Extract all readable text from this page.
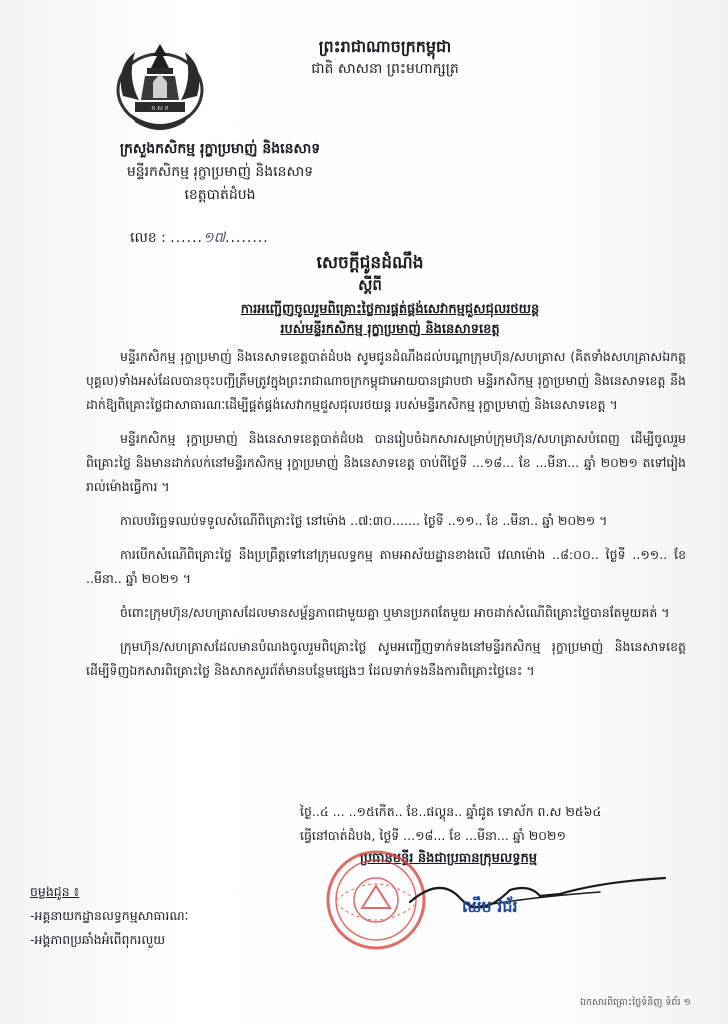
ក ស ក
ព្រះរាជាណាចក្រកម្ពុជា
ជាតិ សាសនា ព្រះមហាក្សត្រ
ក្រសួងកសិកម្ម រុក្ខាប្រមាញ់ និងនេសាទ
មន្ទីរកសិកម្ម រុក្ខាប្រមាញ់ និងនេសាទ
ខេត្តបាត់ដំបង
លេខ : ......១៧........
សេចក្ដីជូនដំណឹង
ស្ដីពី
ការអញ្ជើញចូលរួមពិគ្រោះថ្លៃការផ្គត់ផ្គង់សេវាកម្មជួសជុលរថយន្ត
របស់មន្ទីរកសិកម្ម រុក្ខាប្រមាញ់ និងនេសាទខេត្ត

មន្ទីរកសិកម្ម រុក្ខាប្រមាញ់ និងនេសាទខេត្តបាត់ដំបង សូមជូនដំណឹងដល់បណ្ដាក្រុមហ៊ុន/សហគ្រាស (គិតទាំងសហគ្រាសឯកត្តបុគ្គល)ទាំងអស់ដែលបានចុះបញ្ជីត្រឹមត្រូវក្នុងព្រះរាជាណាចក្រកម្ពុជាអោយបានជ្រាបថា មន្ទីរកសិកម្ម រុក្ខាប្រមាញ់ និងនេសាទខេត្ត នឹងដាក់ឱ្យពិគ្រោះថ្លៃជាសាធារណៈដើម្បីផ្គត់ផ្គង់សេវាកម្មជួសជុលរថយន្ត របស់មន្ទីរកសិកម្ម រុក្ខាប្រមាញ់ និងនេសាទខេត្ត ។

មន្ទីរកសិកម្ម រុក្ខាប្រមាញ់ និងនេសាទខេត្តបាត់ដំបង បានរៀបចំឯកសារសម្រាប់ក្រុមហ៊ុន/សហគ្រាសបំពេញ ដើម្បីចូលរួមពិគ្រោះថ្លៃ និងមានដាក់លក់នៅមន្ទីរកសិកម្ម រុក្ខាប្រមាញ់ និងនេសាទខេត្ត ចាប់ពីថ្ងៃទី ...១៨... ខែ ...មីនា... ឆ្នាំ ២០២១ តទៅរៀងរាល់ម៉ោងធ្វើការ ។

កាលបរិច្ឆេទឈប់ទទួលសំណើពិគ្រោះថ្លៃ នៅម៉ោង ..៧:៣០....... ថ្ងៃទី ..១១.. ខែ ..មីនា.. ឆ្នាំ ២០២១ ។

ការបើកសំណើពិគ្រោះថ្លៃ នឹងប្រព្រឹត្តទៅនៅក្រុមលទ្ធកម្ម តាមអាស័យដ្ឋានខាងលើ វេលាម៉ោង ..៨:០០.. ថ្ងៃទី ..១១.. ខែ ..មីនា.. ឆ្នាំ ២០២១ ។

ចំពោះក្រុមហ៊ុន/សហគ្រាសដែលមានសម្ព័ន្ធភាពជាមួយគ្នា ឬមានប្រភពតែមួយ អាចដាក់សំណើពិគ្រោះថ្លៃបានតែមួយគត់ ។

ក្រុមហ៊ុន/សហគ្រាសដែលមានបំណងចូលរួមពិគ្រោះថ្លៃ សូមអញ្ជើញទាក់ទងនៅមន្ទីរកសិកម្ម រុក្ខាប្រមាញ់ និងនេសាទខេត្ត ដើម្បីទិញឯកសារពិគ្រោះថ្លៃ និងសាកសួរព័ត៌មានបន្ថែមផ្សេងៗ ដែលទាក់ទងនឹងការពិគ្រោះថ្លៃនេះ ។

ថ្ងៃ..៤ ... ..១៥កើត.. ខែ..ផល្គុន.. ឆ្នាំជូត ទោស័ក ព.ស ២៥៦៤
ធ្វើនៅបាត់ដំបង, ថ្ងៃទី ...១៨... ខែ ...មីនា... ឆ្នាំ ២០២១
ប្រធានមន្ទីរ និងជាប្រធានក្រុមលទ្ធកម្ម
ឈឹម វជ័រ
ចម្លងជូន ៖
-អគ្គនាយកដ្ឋានលទ្ធកម្មសាធារណៈ
-អង្គភាពប្រឆាំងអំពើពុករលួយ
ឯកសារពិគ្រោះថ្លៃទំនិញ ទំព័រ ១
